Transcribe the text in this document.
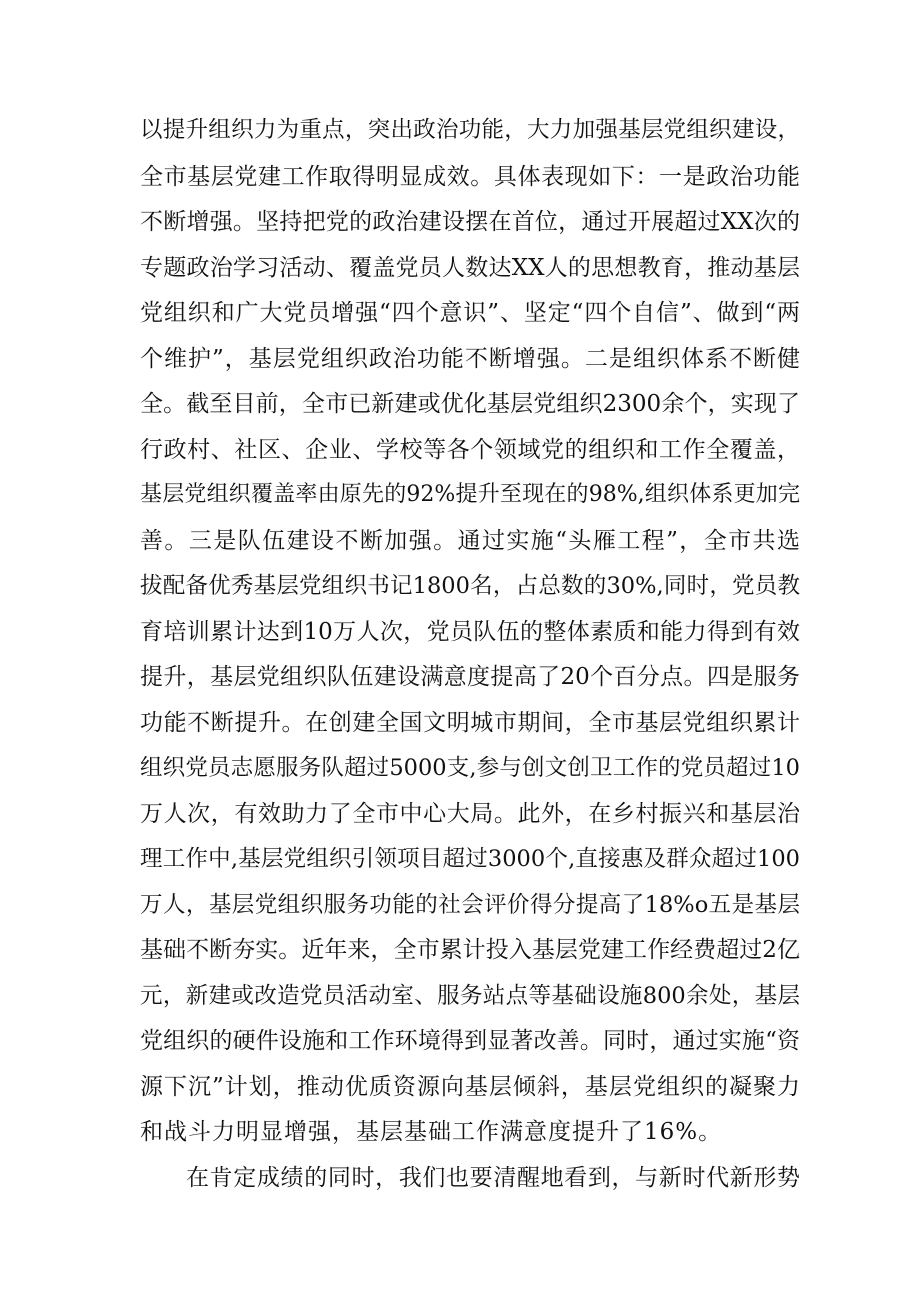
以提升组织力为重点，突出政治功能，大力加强基层党组织建设，
全市基层党建工作取得明显成效。具体表现如下：一是政治功能
不断增强。坚持把党的政治建设摆在首位，通过开展超过XX次的
专题政治学习活动、覆盖党员人数达XX人的思想教育，推动基层
党组织和广大党员增强“四个意识”、坚定“四个自信”、做到“两
个维护”，基层党组织政治功能不断增强。二是组织体系不断健
全。截至目前，全市已新建或优化基层党组织2300余个，实现了
行政村、社区、企业、学校等各个领域党的组织和工作全覆盖，
基层党组织覆盖率由原先的92%提升至现在的98%,组织体系更加完
善。三是队伍建设不断加强。通过实施“头雁工程”，全市共选
拔配备优秀基层党组织书记1800名，占总数的30%,同时，党员教
育培训累计达到10万人次，党员队伍的整体素质和能力得到有效
提升，基层党组织队伍建设满意度提高了20个百分点。四是服务
功能不断提升。在创建全国文明城市期间，全市基层党组织累计
组织党员志愿服务队超过5000支,参与创文创卫工作的党员超过10
万人次，有效助力了全市中心大局。此外，在乡村振兴和基层治
理工作中,基层党组织引领项目超过3000个,直接惠及群众超过100
万人，基层党组织服务功能的社会评价得分提高了18%o五是基层
基础不断夯实。近年来，全市累计投入基层党建工作经费超过2亿
元，新建或改造党员活动室、服务站点等基础设施800余处，基层
党组织的硬件设施和工作环境得到显著改善。同时，通过实施“资
源下沉”计划，推动优质资源向基层倾斜，基层党组织的凝聚力
和战斗力明显增强，基层基础工作满意度提升了16%。
在肯定成绩的同时，我们也要清醒地看到，与新时代新形势
